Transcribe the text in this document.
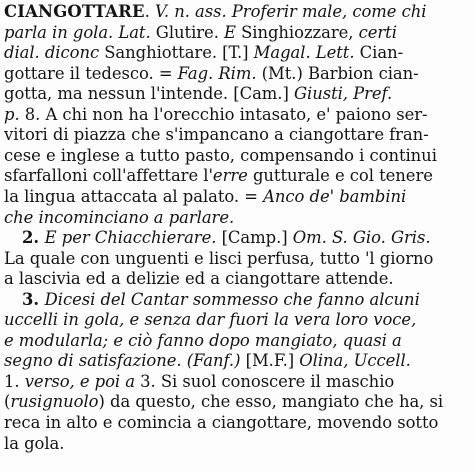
CIANGOTTARE. V. n. ass. Proferir male, come chi
parla in gola. Lat. Glutire. E Singhiozzare, certi
dial. diconc Sanghiottare. [T.] Magal. Lett. Cian-
gottare il tedesco. = Fag. Rim. (Mt.) Barbion cian-
gotta, ma nessun l'intende. [Cam.] Giusti, Pref.
p. 8. A chi non ha l'orecchio intasato, e' paiono ser-
vitori di piazza che s'impancano a ciangottare fran-
cese e inglese a tutto pasto, compensando i continui
sfarfalloni coll'affettare l'erre gutturale e col tenere
la lingua attaccata al palato. = Anco de' bambini
che incominciano a parlare.
2. E per Chiacchierare. [Camp.] Om. S. Gio. Gris.
La quale con unguenti e lisci perfusa, tutto 'l giorno
a lascivia ed a delizie ed a ciangottare attende.
3. Dicesi del Cantar sommesso che fanno alcuni
uccelli in gola, e senza dar fuori la vera loro voce,
e modularla; e ciò fanno dopo mangiato, quasi a
segno di satisfazione. (Fanf.) [M.F.] Olina, Uccell.
1. verso, e poi a 3. Si suol conoscere il maschio
(rusignuolo) da questo, che esso, mangiato che ha, si
reca in alto e comincia a ciangottare, movendo sotto
la gola.
